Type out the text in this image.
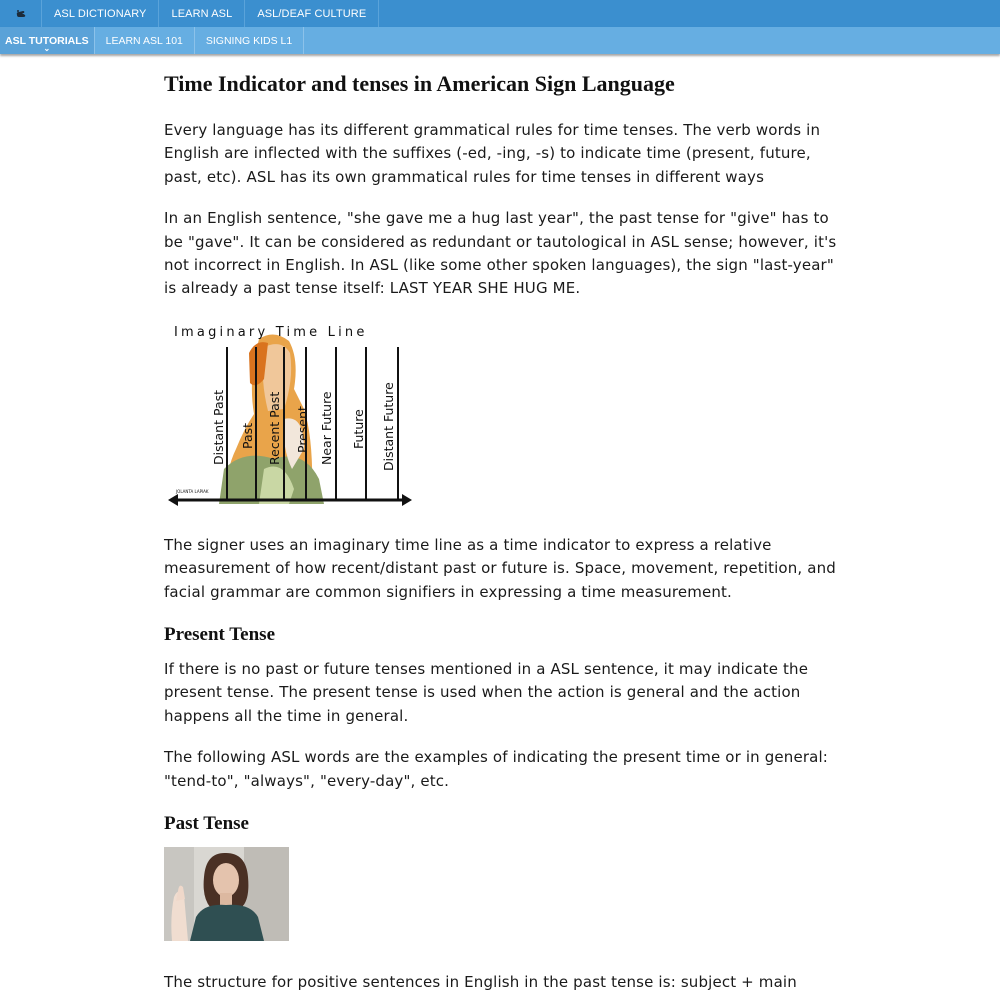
ASL DICTIONARY	LEARN ASL	ASL/DEAF CULTURE
ASL TUTORIALS
⌄
LEARN ASL 101	SIGNING KIDS L1
Time Indicator and tenses in American Sign Language

Every language has its different grammatical rules for time tenses. The verb words in English are inflected with the suffixes (-ed, -ing, -s) to indicate time (present, future, past, etc). ASL has its own grammatical rules for time tenses in different ways

In an English sentence, "she gave me a hug last year", the past tense for "give" has to be "gave". It can be considered as redundant or tautological in ASL sense; however, it's not incorrect in English. In ASL (like some other spoken languages), the sign "last-year" is already a past tense itself: LAST YEAR SHE HUG ME.

Imaginary Time Line
Distant Past Past Recent Past Present Near Future Future Distant Future
JOLANTA LAPIAK

The signer uses an imaginary time line as a time indicator to express a relative measurement of how recent/distant past or future is. Space, movement, repetition, and facial grammar are common signifiers in expressing a time measurement.

Present Tense

If there is no past or future tenses mentioned in a ASL sentence, it may indicate the present tense. The present tense is used when the action is general and the action happens all the time in general.

The following ASL words are the examples of indicating the present time or in general: "tend-to", "always", "every-day", etc.

Past Tense

The structure for positive sentences in English in the past tense is: subject + main
